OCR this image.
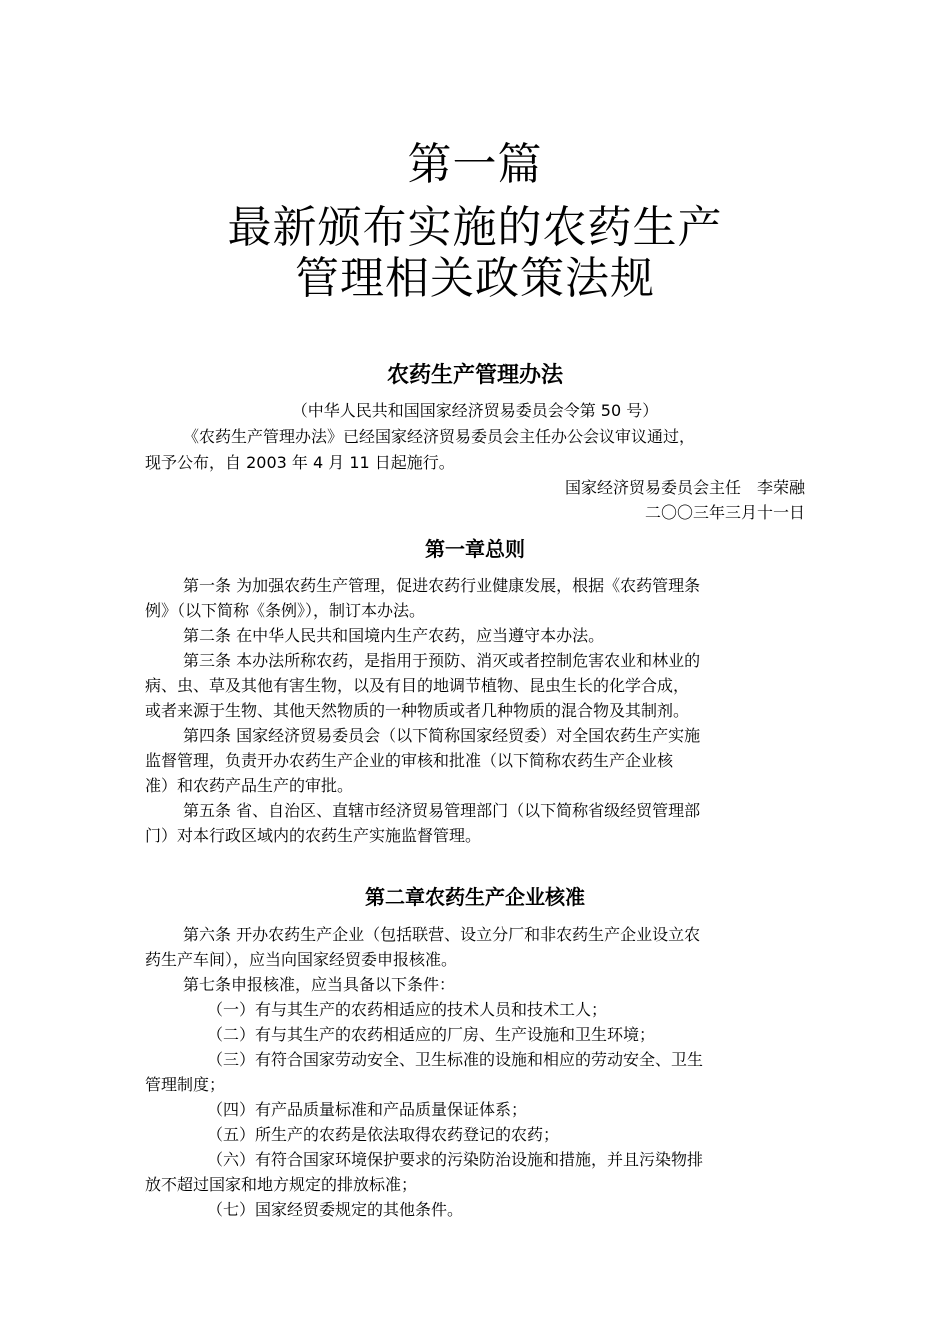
第一篇
最新颁布实施的农药生产
管理相关政策法规
农药生产管理办法
（中华人民共和国国家经济贸易委员会令第 50 号）
《农药生产管理办法》已经国家经济贸易委员会主任办公会议审议通过，
现予公布，自 2003 年 4 月 11 日起施行。
国家经济贸易委员会主任　李荣融
二〇〇三年三月十一日
第一章总则
第一条 为加强农药生产管理，促进农药行业健康发展，根据《农药管理条
例》（以下简称《条例》），制订本办法。
第二条 在中华人民共和国境内生产农药，应当遵守本办法。
第三条 本办法所称农药，是指用于预防、消灭或者控制危害农业和林业的
病、虫、草及其他有害生物，以及有目的地调节植物、昆虫生长的化学合成，
或者来源于生物、其他天然物质的一种物质或者几种物质的混合物及其制剂。
第四条 国家经济贸易委员会（以下简称国家经贸委）对全国农药生产实施
监督管理，负责开办农药生产企业的审核和批准（以下简称农药生产企业核
准）和农药产品生产的审批。
第五条 省、自治区、直辖市经济贸易管理部门（以下简称省级经贸管理部
门）对本行政区域内的农药生产实施监督管理。
第二章农药生产企业核准
第六条 开办农药生产企业（包括联营、设立分厂和非农药生产企业设立农
药生产车间），应当向国家经贸委申报核准。
第七条申报核准，应当具备以下条件：
（一）有与其生产的农药相适应的技术人员和技术工人；
（二）有与其生产的农药相适应的厂房、生产设施和卫生环境；
（三）有符合国家劳动安全、卫生标准的设施和相应的劳动安全、卫生
管理制度；
（四）有产品质量标准和产品质量保证体系；
（五）所生产的农药是依法取得农药登记的农药；
（六）有符合国家环境保护要求的污染防治设施和措施，并且污染物排
放不超过国家和地方规定的排放标准；
（七）国家经贸委规定的其他条件。
